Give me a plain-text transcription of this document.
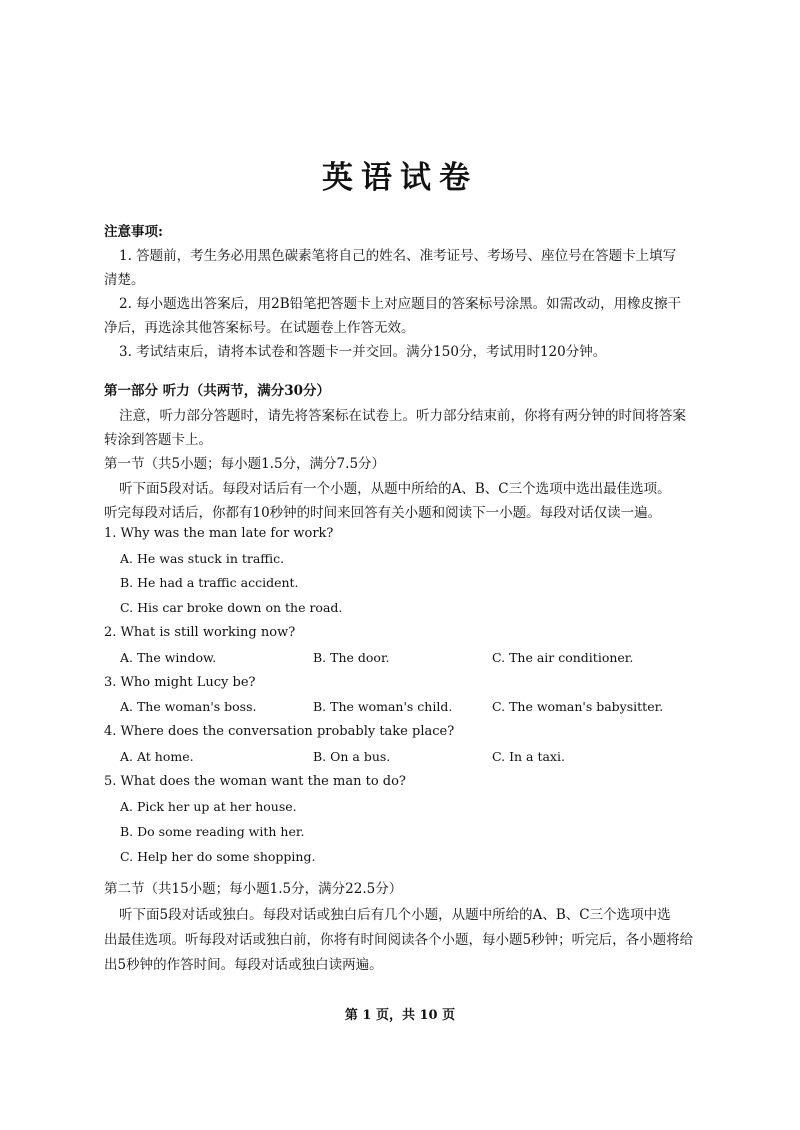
英语试卷
注意事项:
1. 答题前，考生务必用黑色碳素笔将自己的姓名、准考证号、考场号、座位号在答题卡上填写
清楚。
2. 每小题选出答案后，用2B铅笔把答题卡上对应题目的答案标号涂黑。如需改动，用橡皮擦干
净后，再选涂其他答案标号。在试题卷上作答无效。
3. 考试结束后，请将本试卷和答题卡一并交回。满分150分，考试用时120分钟。
第一部分 听力（共两节，满分30分）
注意，听力部分答题时，请先将答案标在试卷上。听力部分结束前，你将有两分钟的时间将答案
转涂到答题卡上。
第一节（共5小题；每小题1.5分，满分7.5分）
听下面5段对话。每段对话后有一个小题，从题中所给的A、B、C三个选项中选出最佳选项。
听完每段对话后，你都有10秒钟的时间来回答有关小题和阅读下一小题。每段对话仅读一遍。
1. Why was the man late for work?
A. He was stuck in traffic.
B. He had a traffic accident.
C. His car broke down on the road.
2. What is still working now?
A. The window.	B. The door.	C. The air conditioner.
3. Who might Lucy be?
A. The woman's boss.	B. The woman's child.	C. The woman's babysitter.
4. Where does the conversation probably take place?
A. At home.	B. On a bus.	C. In a taxi.
5. What does the woman want the man to do?
A. Pick her up at her house.
B. Do some reading with her.
C. Help her do some shopping.
第二节（共15小题；每小题1.5分，满分22.5分）
听下面5段对话或独白。每段对话或独白后有几个小题，从题中所给的A、B、C三个选项中选
出最佳选项。听每段对话或独白前，你将有时间阅读各个小题，每小题5秒钟；听完后，各小题将给
出5秒钟的作答时间。每段对话或独白读两遍。
第 1 页，共 10 页
